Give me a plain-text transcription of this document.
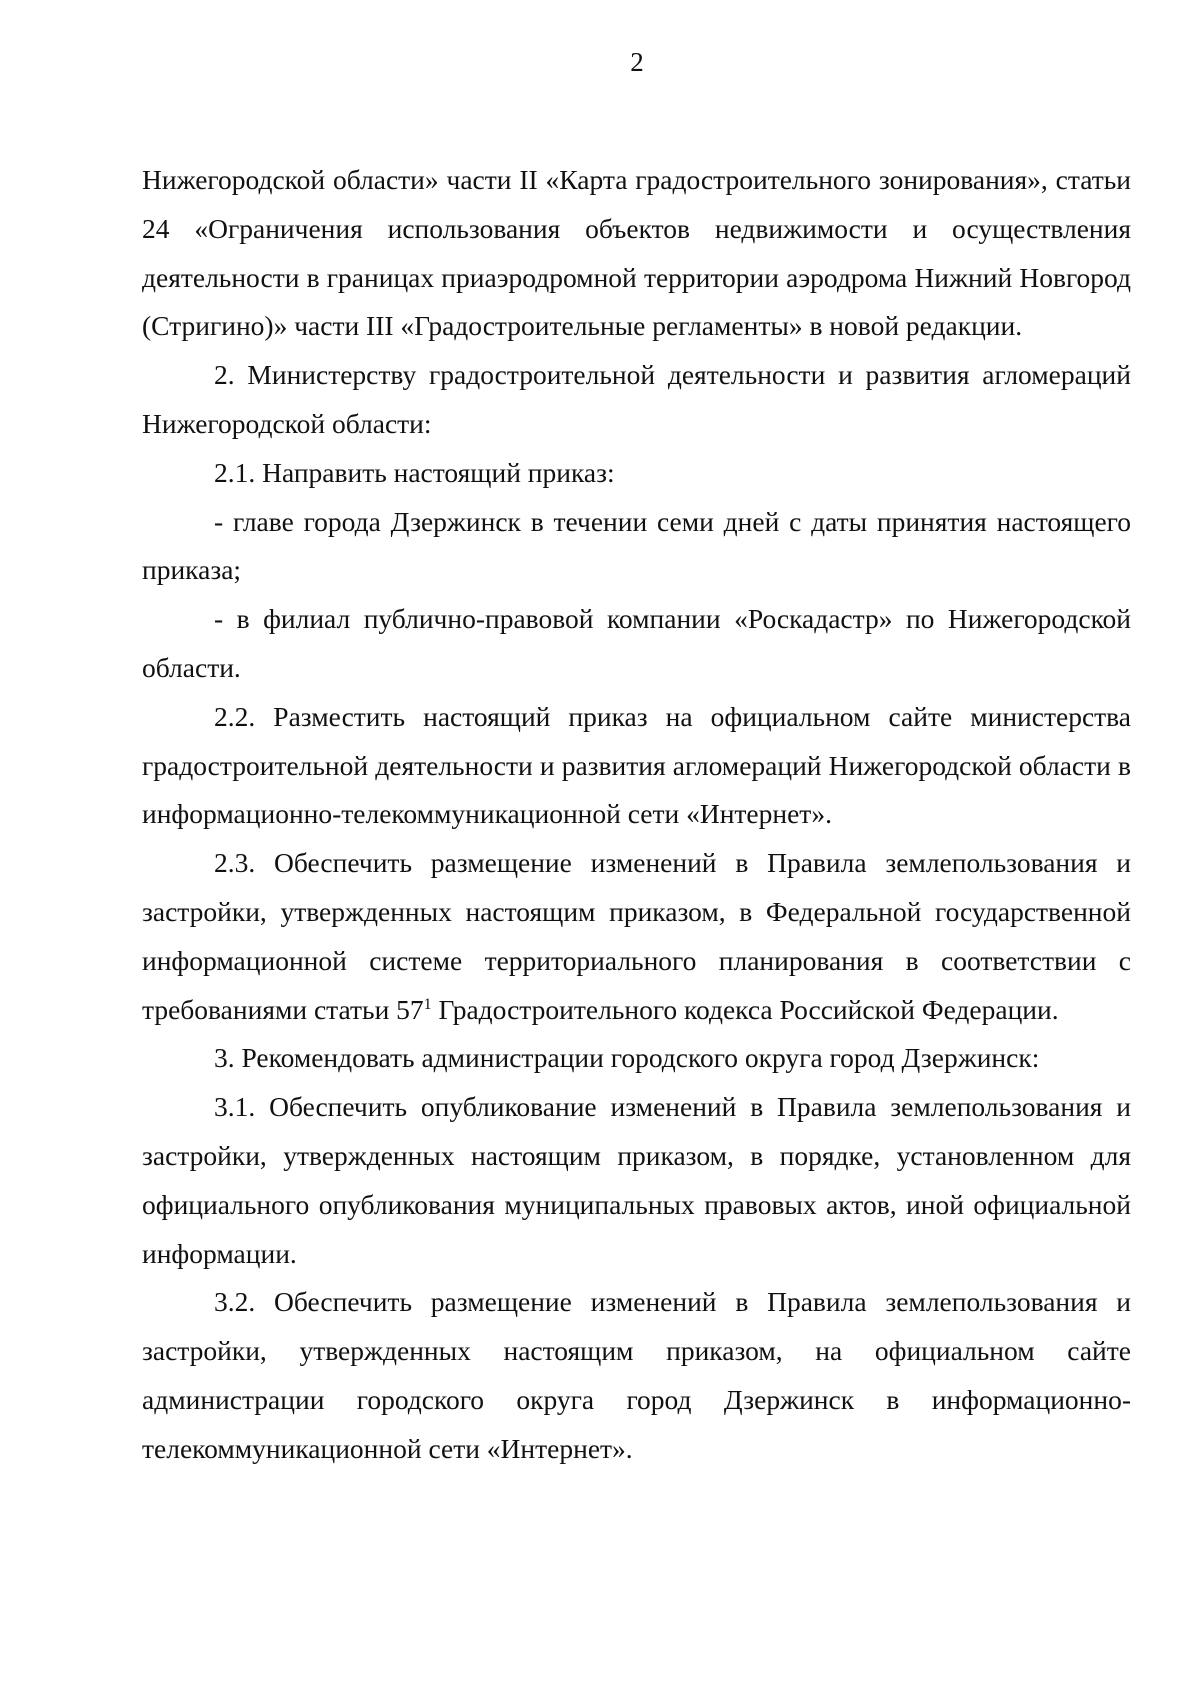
2

Нижегородской области» части II «Карта градостроительного зонирования», статьи 24 «Ограничения использования объектов недвижимости и осуществления деятельности в границах приаэродромной территории аэродрома Нижний Новгород (Стригино)» части III «Градостроительные регламенты» в новой редакции.

2. Министерству градостроительной деятельности и развития агломераций Нижегородской области:

2.1. Направить настоящий приказ:

- главе города Дзержинск в течении семи дней с даты принятия настоящего приказа;

- в филиал публично-правовой компании «Роскадастр» по Нижегородской области.

2.2. Разместить настоящий приказ на официальном сайте министерства градостроительной деятельности и развития агломераций Нижегородской области в информационно-телекоммуникационной сети «Интернет».

2.3. Обеспечить размещение изменений в Правила землепользования и застройки, утвержденных настоящим приказом, в Федеральной государственной информационной системе территориального планирования в соответствии с требованиями статьи $57^1$ Градостроительного кодекса Российской Федерации.

3. Рекомендовать администрации городского округа город Дзержинск:

3.1. Обеспечить опубликование изменений в Правила землепользования и застройки, утвержденных настоящим приказом, в порядке, установленном для официального опубликования муниципальных правовых актов, иной официальной информации.

3.2. Обеспечить размещение изменений в Правила землепользования и застройки, утвержденных настоящим приказом, на официальном сайте администрации городского округа город Дзержинск в информационно-телекоммуникационной сети «Интернет».
